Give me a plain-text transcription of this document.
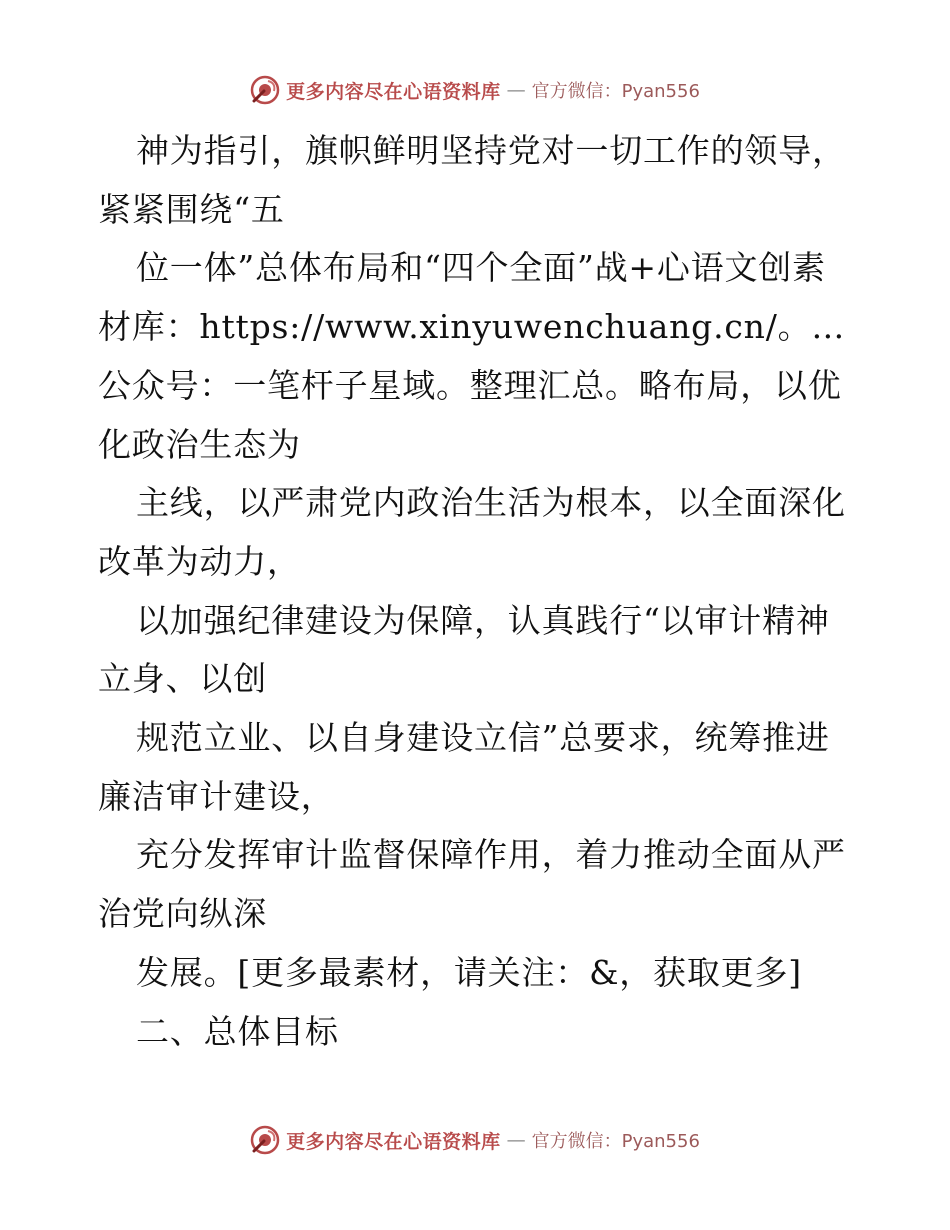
更多内容尽在心语资料库 — 官方微信：Pyan556

神为指引，旗帜鲜明坚持党对一切工作的领导，紧紧围绕“五

位一体”总体布局和“四个全面”战+心语文创素材库：https://www.xinyuwenchuang.cn/。…公众号：一笔杆子星域。整理汇总。略布局，以优化政治生态为

主线，以严肃党内政治生活为根本，以全面深化改革为动力，

以加强纪律建设为保障，认真践行“以审计精神立身、以创

规范立业、以自身建设立信”总要求，统筹推进廉洁审计建设，

充分发挥审计监督保障作用，着力推动全面从严治党向纵深

发展。[更多最素材，请关注：&，获取更多]

二、总体目标

更多内容尽在心语资料库 — 官方微信：Pyan556
